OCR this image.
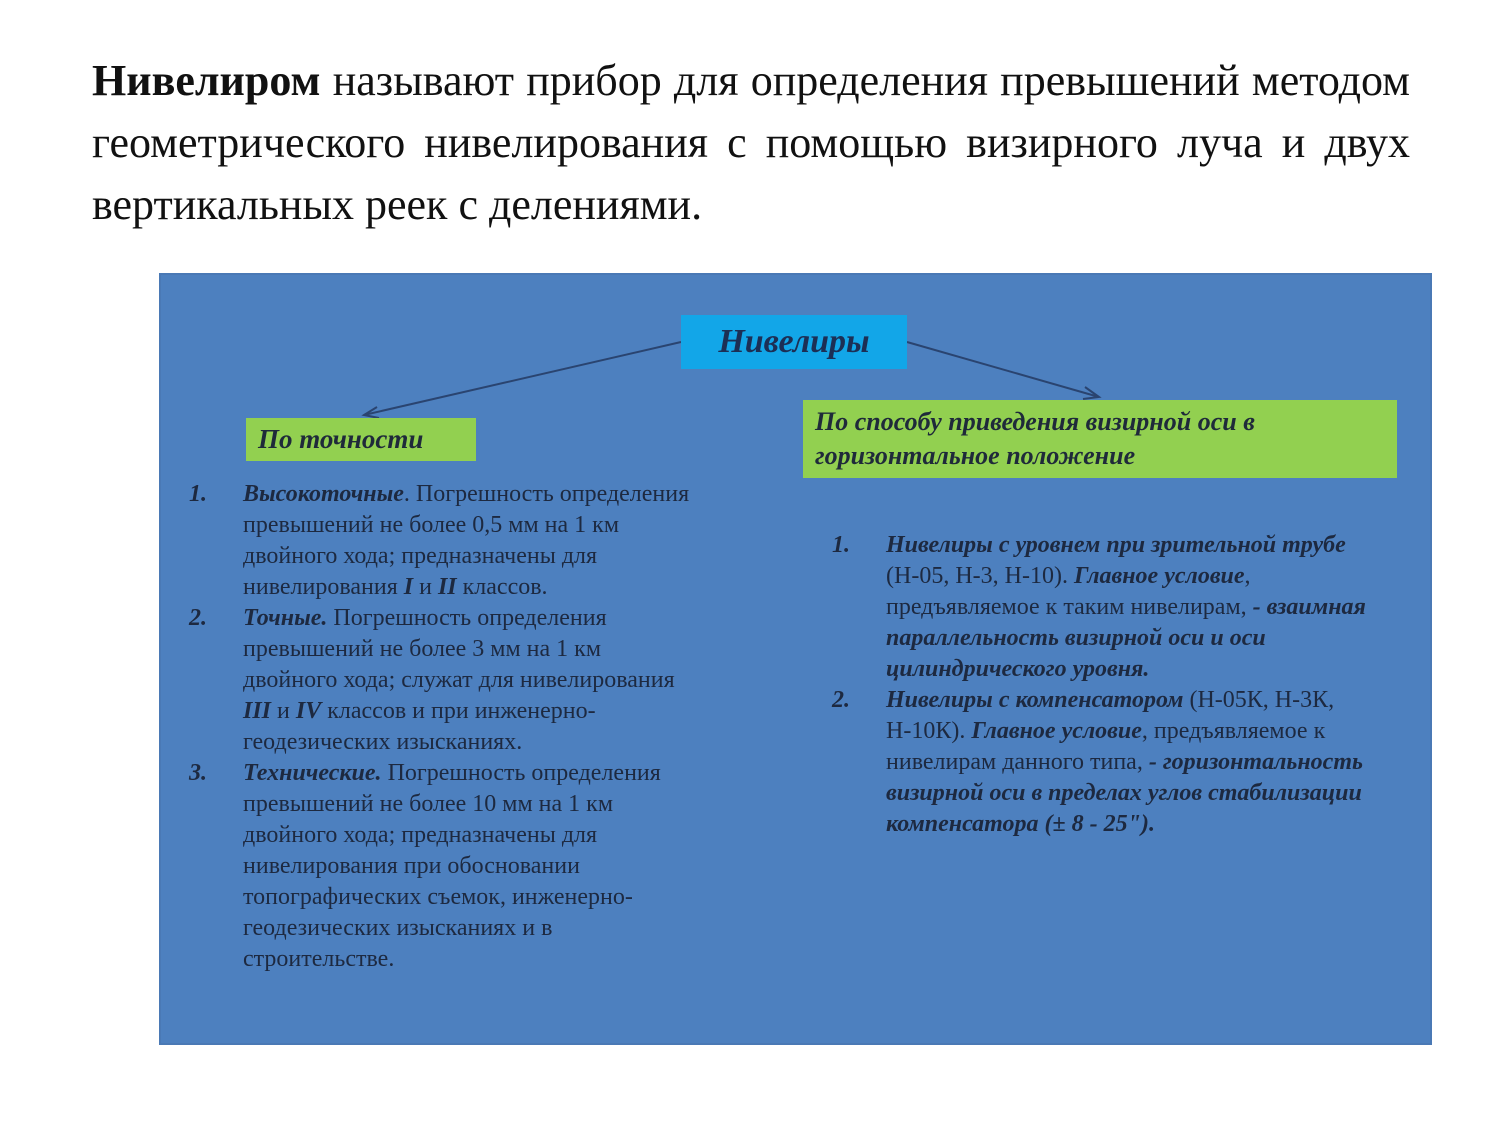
Нивелиром называют прибор для определения превышений методом геометрического нивелирования с помощью визирного луча и двух вертикальных реек с делениями.

Нивелиры
По точности
По способу приведения визирной оси в горизонтальное положение
1. Высокоточные. Погрешность определения превышений не более 0,5 мм на 1 км двойного хода; предназначены для нивелирования I и II классов.
2. Точные. Погрешность определения превышений не более 3 мм на 1 км двойного хода; служат для нивелирования III и IV классов и при инженерно-геодезических изысканиях.
3. Технические. Погрешность определения превышений не более 10 мм на 1 км двойного хода; предназначены для нивелирования при обосновании топографических съемок, инженерно-геодезических изысканиях и в строительстве.
1. Нивелиры с уровнем при зрительной трубе (Н-05, Н-3, Н-10). Главное условие, предъявляемое к таким нивелирам, - взаимная параллельность визирной оси и оси цилиндрического уровня.
2. Нивелиры с компенсатором (Н-05К, Н-3К, Н-10К). Главное условие, предъявляемое к нивелирам данного типа, - горизонтальность визирной оси в пределах углов стабилизации компенсатора (± 8 - 25").
